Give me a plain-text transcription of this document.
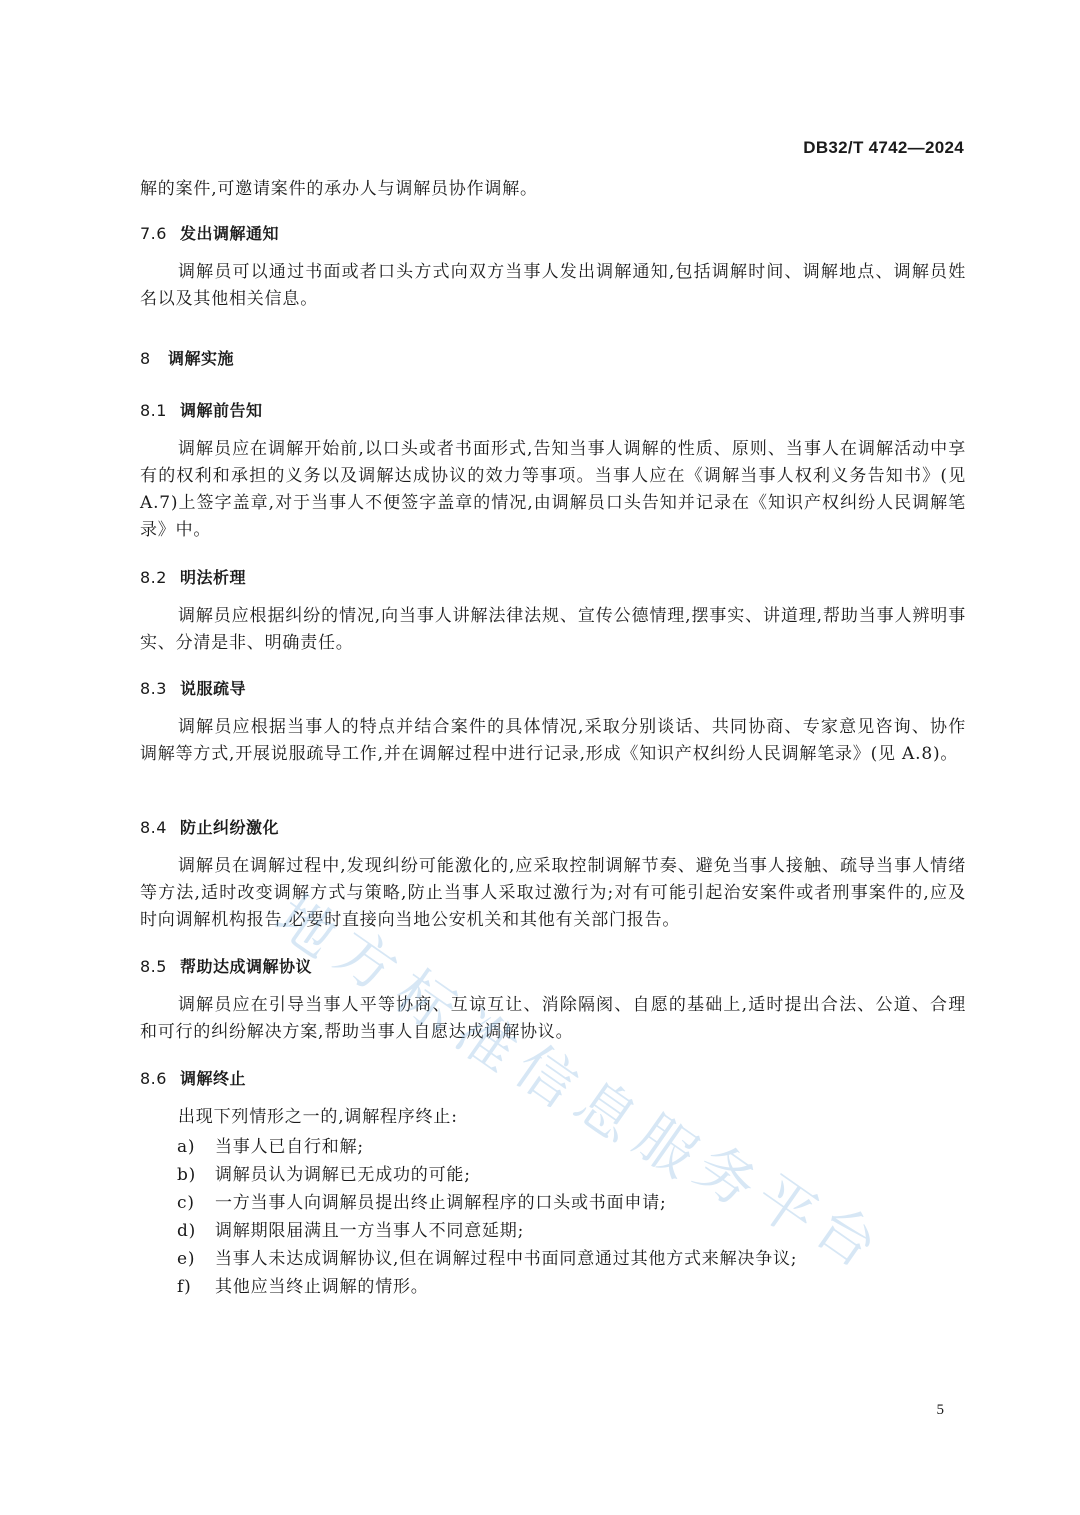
DB32/T 4742—2024

解的案件,可邀请案件的承办人与调解员协作调解。

7.6 发出调解通知

调解员可以通过书面或者口头方式向双方当事人发出调解通知,包括调解时间、调解地点、调解员姓名以及其他相关信息。

8 调解实施

8.1 调解前告知

调解员应在调解开始前,以口头或者书面形式,告知当事人调解的性质、原则、当事人在调解活动中享有的权利和承担的义务以及调解达成协议的效力等事项。当事人应在《调解当事人权利义务告知书》(见 A.7)上签字盖章,对于当事人不便签字盖章的情况,由调解员口头告知并记录在《知识产权纠纷人民调解笔录》中。

8.2 明法析理

调解员应根据纠纷的情况,向当事人讲解法律法规、宣传公德情理,摆事实、讲道理,帮助当事人辨明事实、分清是非、明确责任。

8.3 说服疏导

调解员应根据当事人的特点并结合案件的具体情况,采取分别谈话、共同协商、专家意见咨询、协作调解等方式,开展说服疏导工作,并在调解过程中进行记录,形成《知识产权纠纷人民调解笔录》(见 A.8)。

8.4 防止纠纷激化

调解员在调解过程中,发现纠纷可能激化的,应采取控制调解节奏、避免当事人接触、疏导当事人情绪等方法,适时改变调解方式与策略,防止当事人采取过激行为;对有可能引起治安案件或者刑事案件的,应及时向调解机构报告,必要时直接向当地公安机关和其他有关部门报告。

8.5 帮助达成调解协议

调解员应在引导当事人平等协商、互谅互让、消除隔阂、自愿的基础上,适时提出合法、公道、合理和可行的纠纷解决方案,帮助当事人自愿达成调解协议。

8.6 调解终止

出现下列情形之一的,调解程序终止:

a) 当事人已自行和解;
b) 调解员认为调解已无成功的可能;
c) 一方当事人向调解员提出终止调解程序的口头或书面申请;
d) 调解期限届满且一方当事人不同意延期;
e) 当事人未达成调解协议,但在调解过程中书面同意通过其他方式来解决争议;
f) 其他应当终止调解的情形。
5
地
方
标
准
信
息
服
务
平
台
